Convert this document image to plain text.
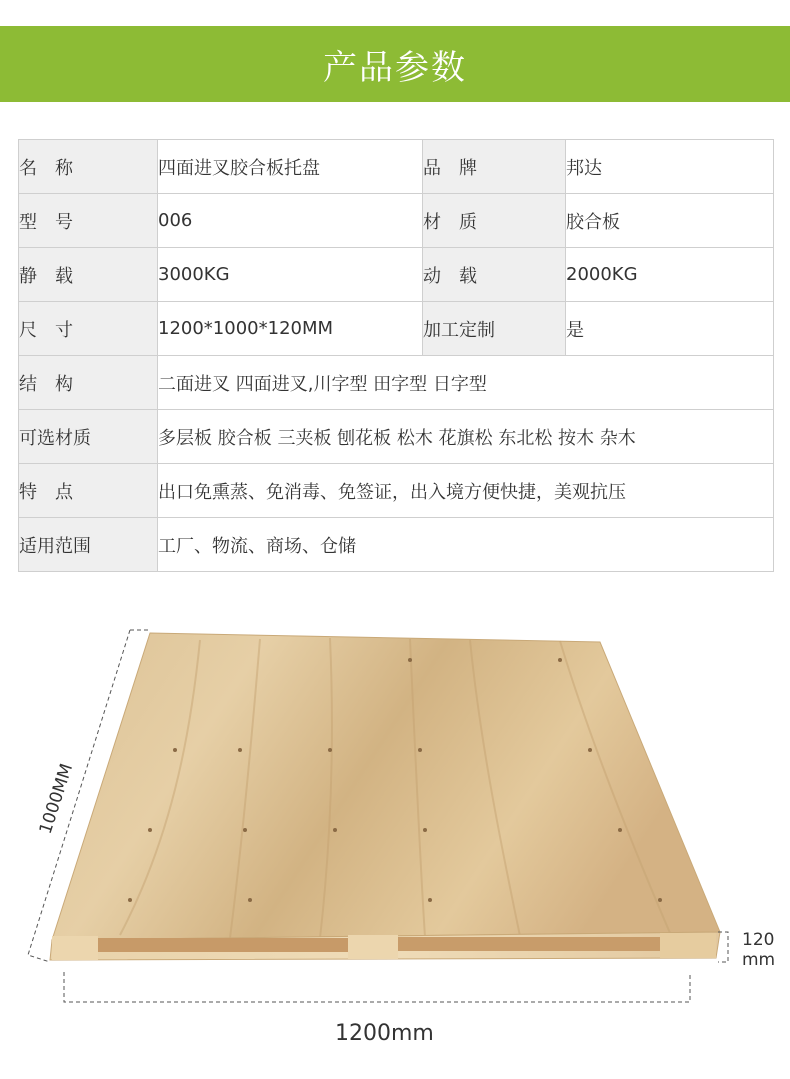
产品参数
名　称	四面进叉胶合板托盘	品　牌	邦达
型　号	006	材　质	胶合板
静　载	3000KG	动　载	2000KG
尺　寸	1200*1000*120MM	加工定制	是
结　构	二面进叉 四面进叉,川字型 田字型 日字型		
可选材质	多层板 胶合板 三夹板 刨花板 松木 花旗松 东北松 按木 杂木		
特　点	出口免熏蒸、免消毒、免签证，出入境方便快捷，美观抗压		
适用范围	工厂、物流、商场、仓储		
1000MM
1200mm
120
mm
